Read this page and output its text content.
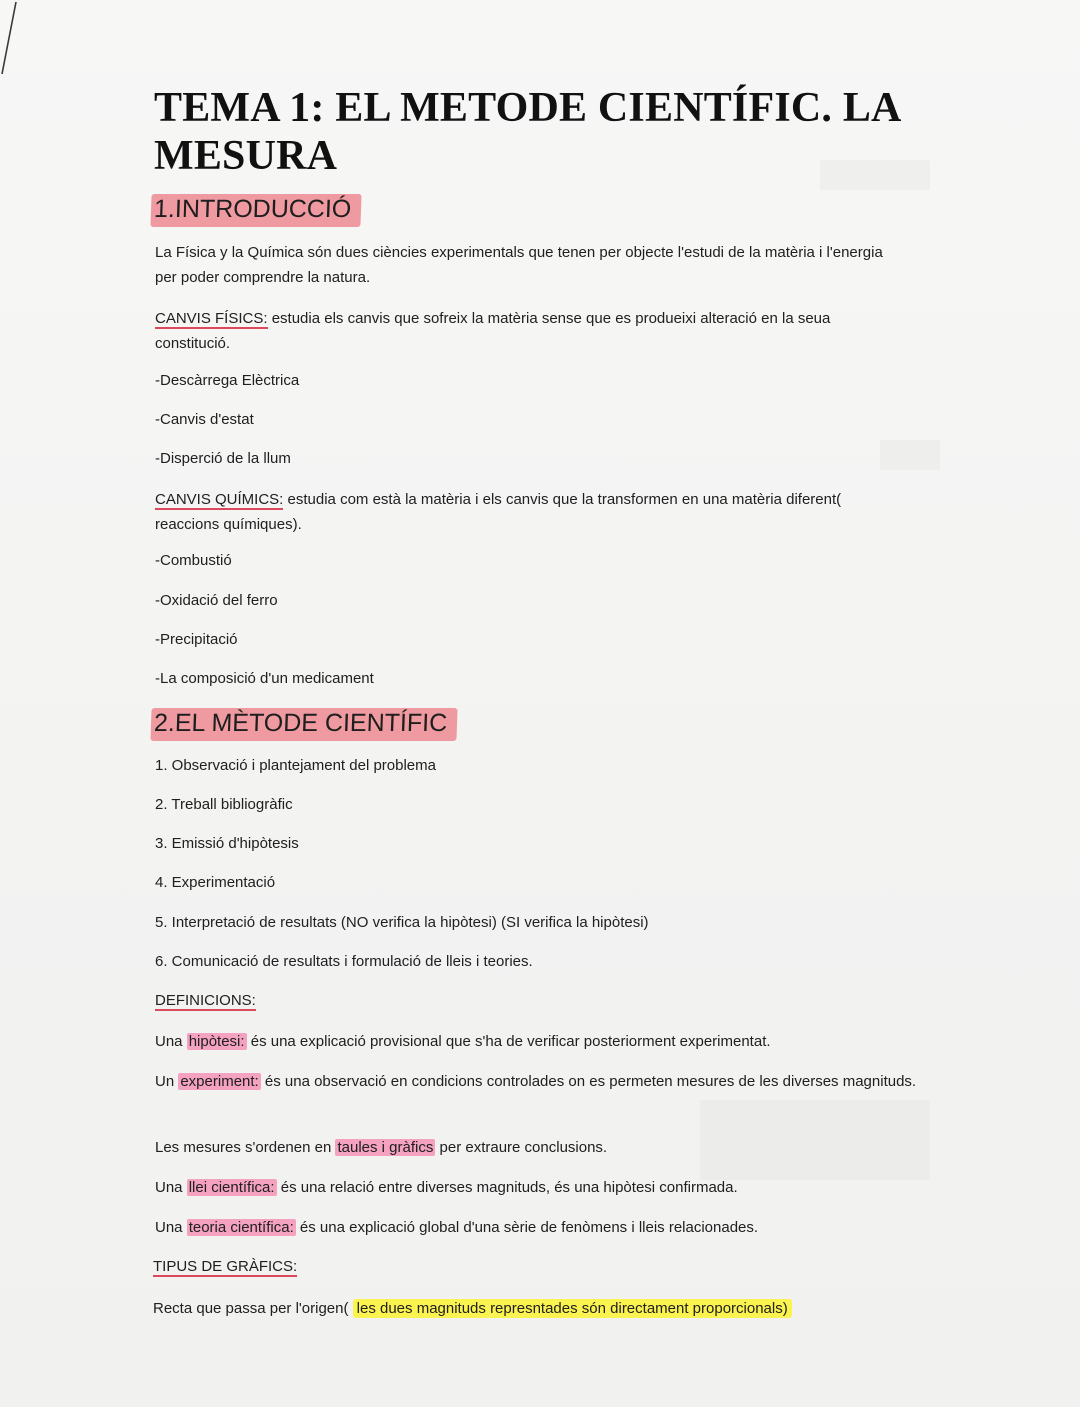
TEMA 1: EL METODE CIENTÍFIC. LA MESURA
1.INTRODUCCIÓ
La Física y la Química són dues ciències experimentals que tenen per objecte l'estudi de la matèria i l'energia per poder comprendre la natura.
CANVIS FÍSICS: estudia els canvis que sofreix la matèria sense que es produeixi alteració en la seua constitució.
-Descàrrega Elèctrica
-Canvis d'estat
-Disperció de la llum
CANVIS QUÍMICS: estudia com està la matèria i els canvis que la transformen en una matèria diferent( reaccions químiques).
-Combustió
-Oxidació del ferro
-Precipitació
-La composició d'un medicament
2.EL MÈTODE CIENTÍFIC
1. Observació i plantejament del problema
2. Treball bibliogràfic
3. Emissió d'hipòtesis
4. Experimentació
5. Interpretació de resultats (NO verifica la hipòtesi) (SI verifica la hipòtesi)
6. Comunicació de resultats i formulació de lleis i teories.
DEFINICIONS:
Una hipòtesi: és una explicació provisional que s'ha de verificar posteriorment experimentat.
Un experiment: és una observació en condicions controlades on es permeten mesures de les diverses magnituds.
Les mesures s'ordenen en taules i gràfics per extraure conclusions.
Una llei científica: és una relació entre diverses magnituds, és una hipòtesi confirmada.
Una teoria científica: és una explicació global d'una sèrie de fenòmens i lleis relacionades.
TIPUS DE GRÀFICS:
Recta que passa per l'origen( les dues magnituds represntades són directament proporcionals)
